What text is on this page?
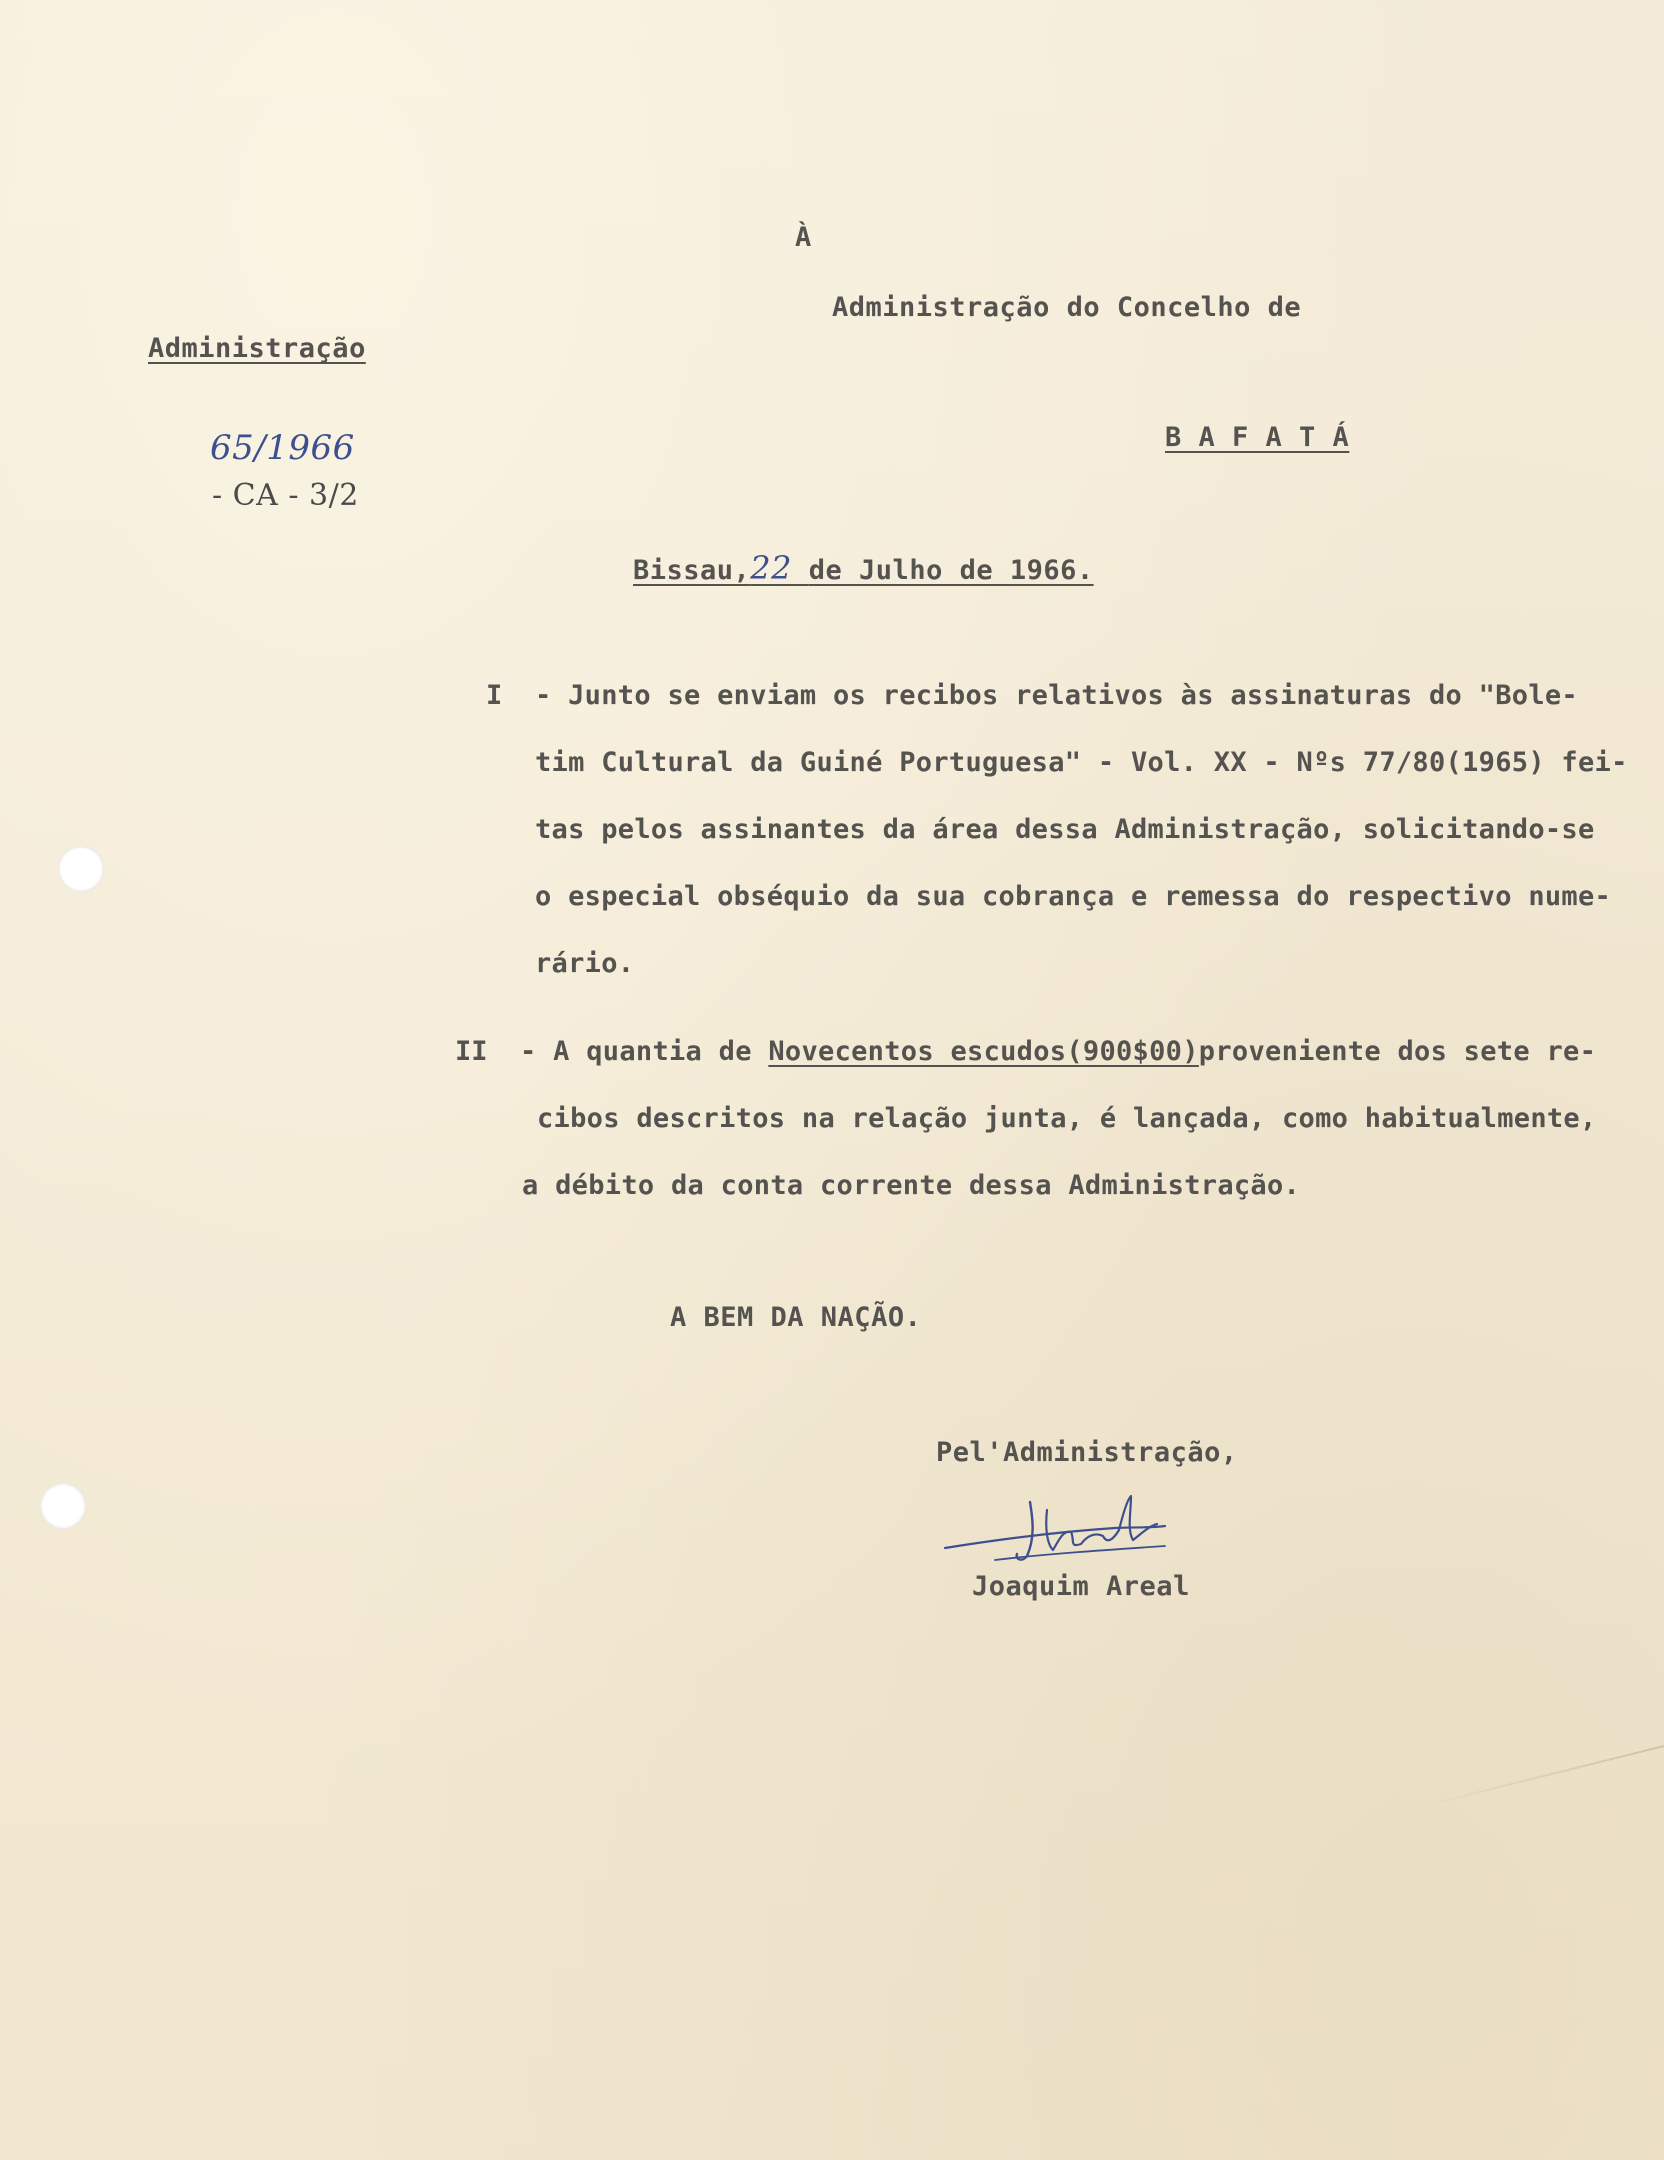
À
Administração do Concelho de
B A F A T Á
Administração
65/1966
- CA - 3/2
Bissau,22 de Julho de 1966.
I - Junto se enviam os recibos relativos às assinaturas do "Bole-
tim Cultural da Guiné Portuguesa" - Vol. XX - Nºs 77/80(1965) fei-
tas pelos assinantes da área dessa Administração, solicitando-se
o especial obséquio da sua cobrança e remessa do respectivo nume-
rário.
II - A quantia de Novecentos escudos(900$00)proveniente dos sete re-
cibos descritos na relação junta, é lançada, como habitualmente,
a débito da conta corrente dessa Administração.
A BEM DA NAÇÃO.
Pel'Administração,
Joaquim Areal
